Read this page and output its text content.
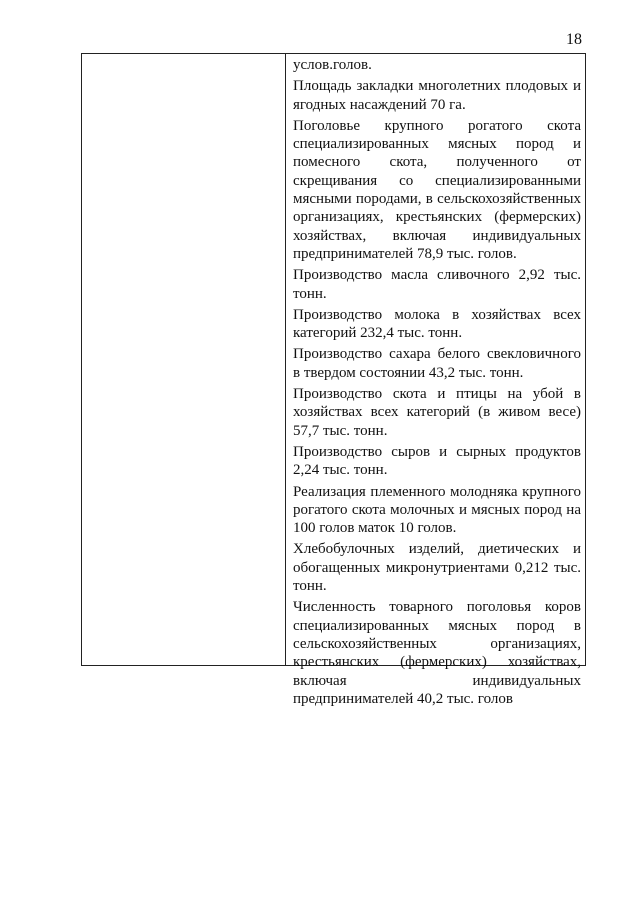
18

услов.голов.

Площадь закладки многолетних плодовых и ягодных насаждений 70 га.

Поголовье крупного рогатого скота специализированных мясных пород и помесного скота, полученного от скрещивания со специализированными мясными породами, в сельскохозяйственных организациях, крестьянских (фермерских) хозяйствах, включая индивидуальных предпринимателей 78,9 тыс. голов.

Производство масла сливочного 2,92 тыс. тонн.

Производство молока в хозяйствах всех категорий 232,4 тыс. тонн.

Производство сахара белого свекловичного в твердом состоянии 43,2 тыс. тонн.

Производство скота и птицы на убой в хозяйствах всех категорий (в живом весе) 57,7 тыс. тонн.

Производство сыров и сырных продуктов 2,24 тыс. тонн.

Реализация племенного молодняка крупного рогатого скота молочных и мясных пород на 100 голов маток 10 голов.

Хлебобулочных изделий, диетических и обогащенных микронутриентами 0,212 тыс. тонн.

Численность товарного поголовья коров специализированных мясных пород в сельскохозяйственных организациях, крестьянских (фермерских) хозяйствах, включая индивидуальных предпринимателей 40,2 тыс. голов
